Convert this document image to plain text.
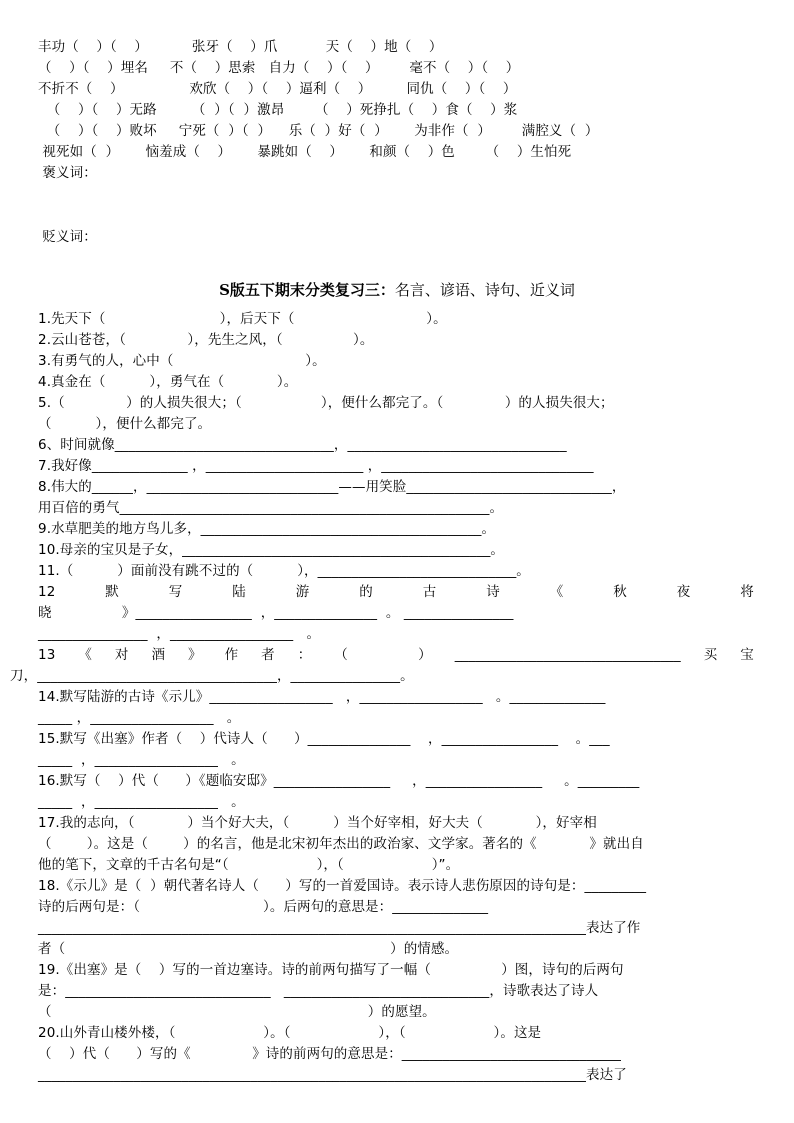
丰功（    ）（    ）          张牙（    ）爪           天（    ）地（    ）
（    ）（    ）埋名     不（    ）思索   自力（    ）（    ）       毫不（    ）（    ）
不折不（    ）               欢欣（    ）（    ）逼利（    ）        同仇（    ）（    ）
（    ）（    ）无路        （  ）（  ）激昂       （    ）死挣扎（    ）食（    ）浆
（    ）（    ）败坏     宁死（  ）（  ）    乐（  ）好（  ）      为非作（  ）       满腔义（  ）
视死如（  ）      恼羞成（    ）      暴跳如（    ）      和颜（    ）色       （    ）生怕死
褒义词：
贬义词：
S版五下期末分类复习三：名言、谚语、诗句、近义词
1.先天下（                          ），后天下（                              ）。
2.云山苍苍，（              ），先生之风，（                ）。
3.有勇气的人，心中（                              ）。
4.真金在（          ），勇气在（            ）。
5.（              ）的人损失很大；（                  ），便什么都完了。（              ）的人损失很大；
（          ），便什么都完了。
6、时间就像________________________________，________________________________
7.我好像______________ ，_______________________ ，_______________________________
8.伟大的______，____________________________——用笑脸______________________________，
用百倍的勇气______________________________________________________。
9.水草肥美的地方鸟儿多，_________________________________________。
10.母亲的宝贝是子女，_____________________________________________。
11.（          ）面前没有跳不过的（          ），_____________________________。
12	默	写	陆	游	的	古	诗	《	秋	夜	将
晓                》_________________  ，_______________  。 ________________
________________  ，__________________   。
13 《 对 酒 》 作 者 ： （                ） _________________________________ 买 宝
刀，___________________________________，________________。
14.默写陆游的古诗《示儿》__________________   ，__________________   。______________
_____ ，__________________   。
15.默写《出塞》作者（    ）代诗人（      ）_______________    ，_________________    。___
_____  ，__________________   。
16.默写（    ）代（      ）《题临安邸》_________________     ，_________________     。_________
_____  ，__________________   。
17.我的志向，（            ）当个好大夫，（          ）当个好宰相，好大夫（            ），好宰相
（        ）。这是（        ）的名言，他是北宋初年杰出的政治家、文学家。著名的《            》就出自
他的笔下，文章的千古名句是“（                    ），（                    ）”。
18.《示儿》是（  ）朝代著名诗人（      ）写的一首爱国诗。表示诗人悲伤原因的诗句是：_________
诗的后两句是：（                            ）。后两句的意思是：______________
________________________________________________________________________________表达了作
者（                                                                          ）的情感。
19.《出塞》是（    ）写的一首边塞诗。诗的前两句描写了一幅（                ）图，诗句的后两句
是：______________________________   ______________________________，诗歌表达了诗人
（                                                                        ）的愿望。
20.山外青山楼外楼，（                    ）。（                    ），（                    ）。这是
（    ）代（      ）写的《              》诗的前两句的意思是：________________________________
________________________________________________________________________________表达了
